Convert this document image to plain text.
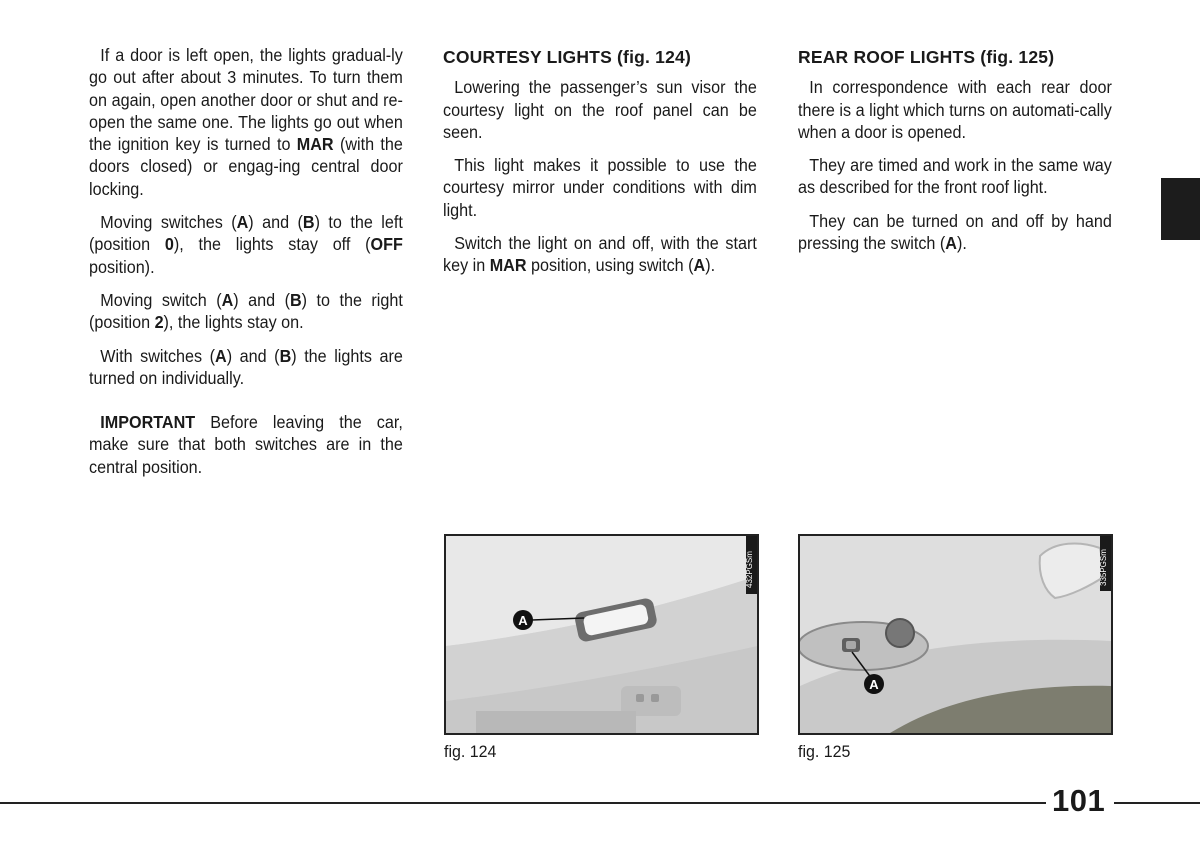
If a door is left open, the lights gradual-ly go out after about 3 minutes. To turn them on again, open another door or shut and re-open the same one. The lights go out when the ignition key is turned to MAR (with the doors closed) or engag-ing central door locking.

Moving switches (A) and (B) to the left (position 0), the lights stay off (OFF position).

Moving switch (A) and (B) to the right (position 2), the lights stay on.

With switches (A) and (B) the lights are turned on individually.

IMPORTANT Before leaving the car, make sure that both switches are in the central position.

COURTESY LIGHTS (fig. 124)

Lowering the passenger’s sun visor the courtesy light on the roof panel can be seen.

This light makes it possible to use the courtesy mirror under conditions with dim light.

Switch the light on and off, with the start key in MAR position, using switch (A).

REAR ROOF LIGHTS (fig. 125)

In correspondence with each rear door there is a light which turns on automati-cally when a door is opened.

They are timed and work in the same way as described for the front roof light.

They can be turned on and off by hand pressing the switch (A).

A
432PGSm
fig. 124
A
335PGSm
fig. 125
101
